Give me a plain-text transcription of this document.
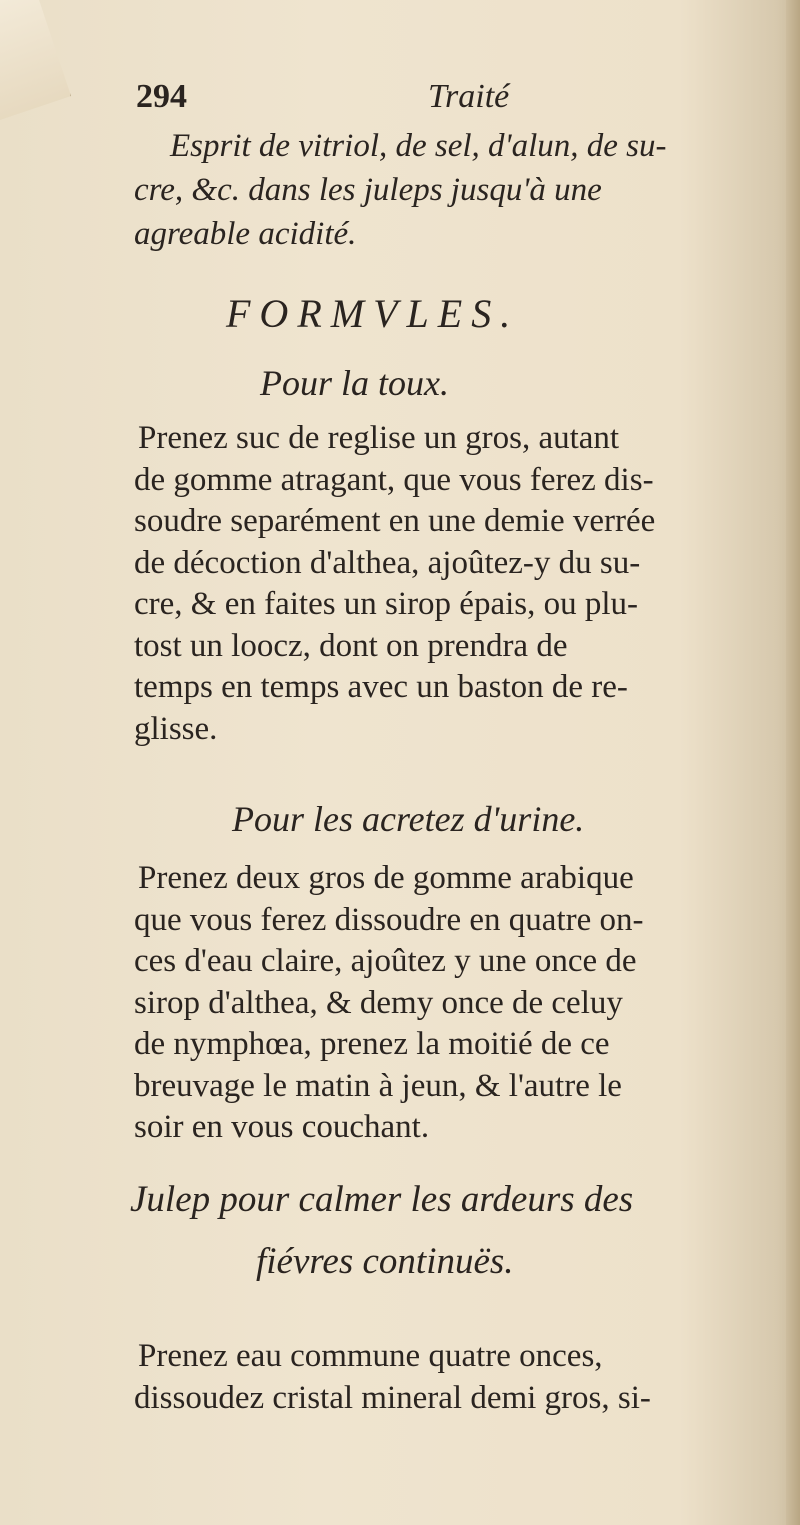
294	Traité
Esprit de vitriol, de sel, d'alun, de su-
cre, &c. dans les juleps jusqu'à une
agreable acidité.
FORMVLES.
Pour la toux.
Prenez suc de reglise un gros, autant
de gomme atragant, que vous ferez dis-
soudre separément en une demie verrée
de décoction d'althea, ajoûtez-y du su-
cre, & en faites un sirop épais, ou plu-
tost un loocz, dont on prendra de
temps en temps avec un baston de re-
glisse.
Pour les acretez d'urine.
Prenez deux gros de gomme arabique
que vous ferez dissoudre en quatre on-
ces d'eau claire, ajoûtez y une once de
sirop d'althea, & demy once de celuy
de nymphœa, prenez la moitié de ce
breuvage le matin à jeun, & l'autre le
soir en vous couchant.
Julep pour calmer les ardeurs des
fiévres continuës.
Prenez eau commune quatre onces,
dissoudez cristal mineral demi gros, si-
